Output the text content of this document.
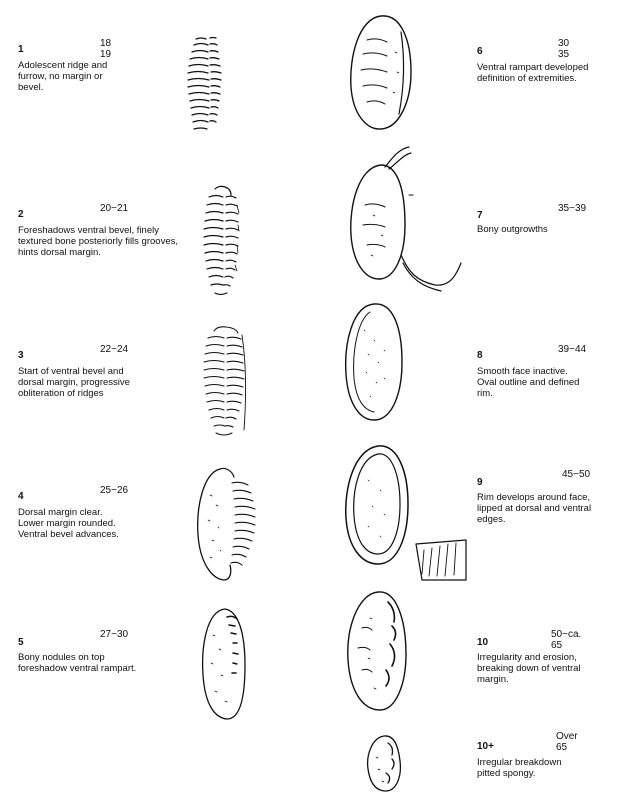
1
18 19
Adolescent ridge and furrow, no margin or bevel.
2
20−21
Foreshadows ventral bevel, finely textured bone posteriorly fills grooves, hints dorsal margin.
3
22−24
Start of ventral bevel and dorsal margin, progressive obliteration of ridges
4
25−26
Dorsal margin clear. Lower margin rounded. Ventral bevel advances.
5
27−30
Bony nodules on top foreshadow ventral rampart.
6
30 35
Ventral rampart developed definition of extremities.
7
35−39
Bony outgrowths
8
39−44
Smooth face inactive. Oval outline and defined rim.
9
45−50
Rim develops around face, lipped at dorsal and ventral edges.
10
50−ca. 65
Irregularity and erosion, breaking down of ventral margin.
10+
Over 65
Irregular breakdown pitted spongy.
